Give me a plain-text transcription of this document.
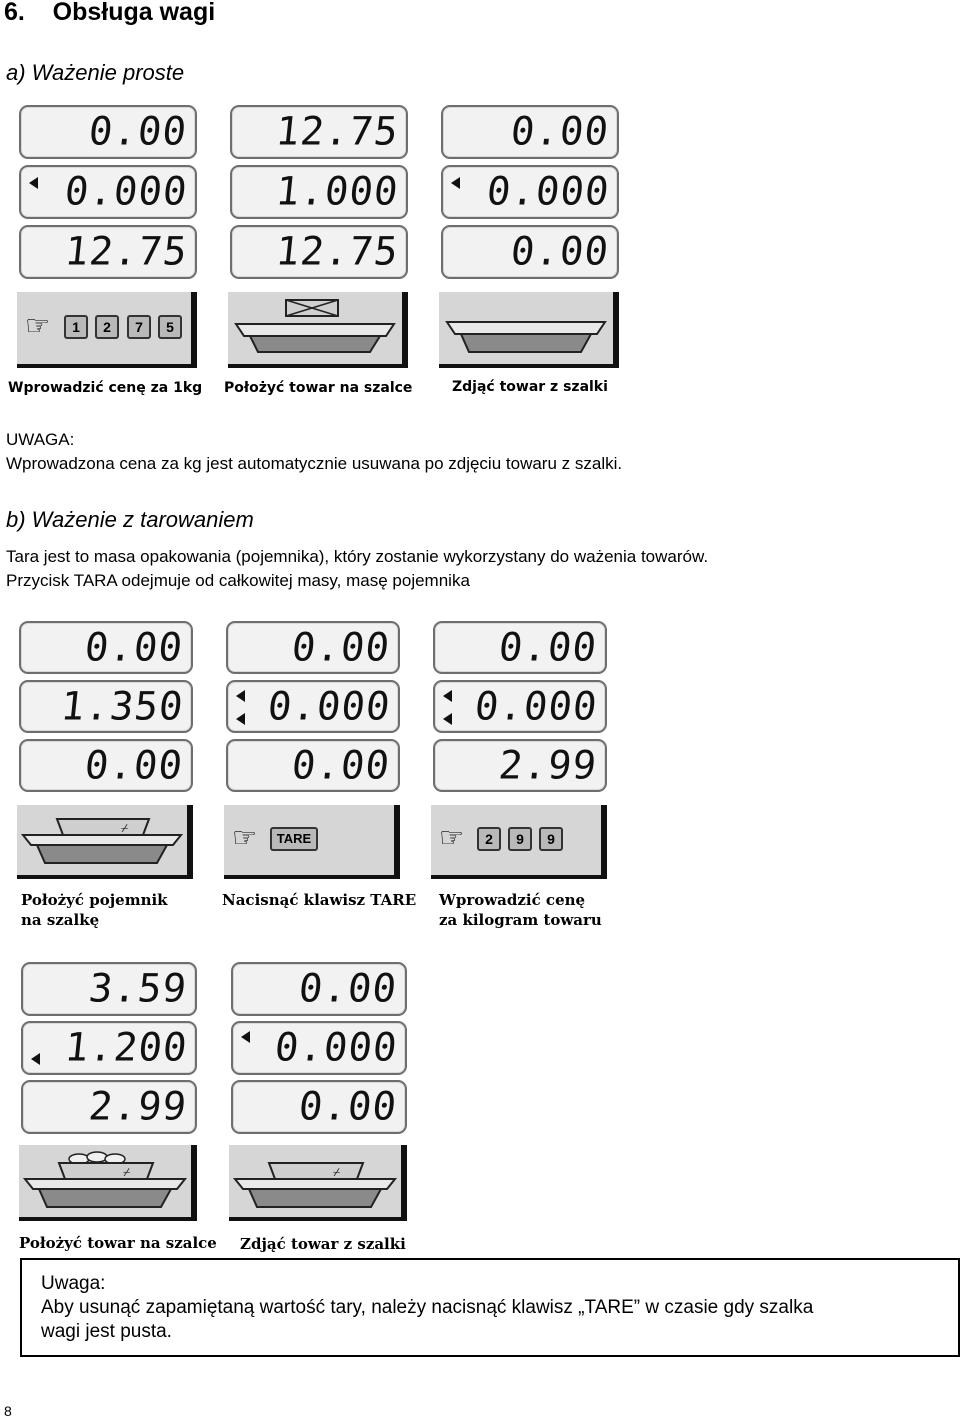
6.    Obsługa wagi
a) Ważenie proste
0.00
0.000
12.75
☞	1	2	7	5
Wprowadzić cenę za 1kg
12.75
1.000
12.75
Położyć towar na szalce
0.00
0.000
0.00
Zdjąć towar z szalki
UWAGA:
Wprowadzona cena za kg jest automatycznie usuwana po zdjęciu towaru z szalki.
b) Ważenie z tarowaniem
Tara jest to masa opakowania (pojemnika), który zostanie wykorzystany do ważenia towarów.
Przycisk TARA odejmuje od całkowitej masy, masę pojemnika
0.00
1.350
0.00
⌿
Położyć pojemnik
na szalkę
0.00
0.000
0.00
☞	TARE
Nacisnąć klawisz TARE
0.00
0.000
2.99
☞	2	9	9
Wprowadzić cenę
za kilogram towaru
3.59
1.200
2.99
⌿
Położyć towar na szalce
0.00
0.000
0.00
⌿
Zdjąć towar z szalki
Uwaga:
Aby usunąć zapamiętaną wartość tary, należy nacisnąć klawisz „TARE” w czasie gdy szalka
wagi jest pusta.
8
